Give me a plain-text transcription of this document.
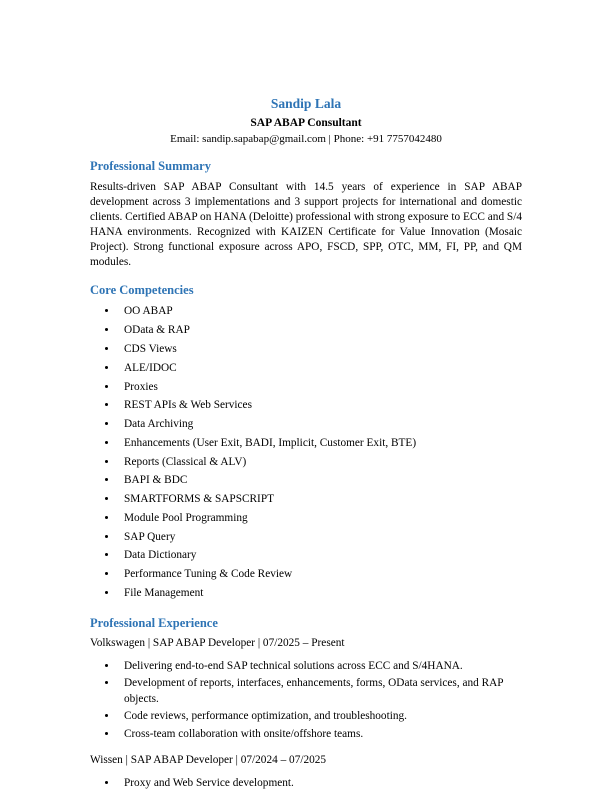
Sandip Lala
SAP ABAP Consultant
Email: sandip.sapabap@gmail.com | Phone: +91 7757042480
Professional Summary
Results-driven SAP ABAP Consultant with 14.5 years of experience in SAP ABAP development across 3 implementations and 3 support projects for international and domestic clients. Certified ABAP on HANA (Deloitte) professional with strong exposure to ECC and S/4 HANA environments. Recognized with KAIZEN Certificate for Value Innovation (Mosaic Project). Strong functional exposure across APO, FSCD, SPP, OTC, MM, FI, PP, and QM modules.
Core Competencies
• OO ABAP
• OData & RAP
• CDS Views
• ALE/IDOC
• Proxies
• REST APIs & Web Services
• Data Archiving
• Enhancements (User Exit, BADI, Implicit, Customer Exit, BTE)
• Reports (Classical & ALV)
• BAPI & BDC
• SMARTFORMS & SAPSCRIPT
• Module Pool Programming
• SAP Query
• Data Dictionary
• Performance Tuning & Code Review
• File Management
Professional Experience
Volkswagen | SAP ABAP Developer | 07/2025 – Present
• Delivering end-to-end SAP technical solutions across ECC and S/4HANA.
• Development of reports, interfaces, enhancements, forms, OData services, and RAP objects.
• Code reviews, performance optimization, and troubleshooting.
• Cross-team collaboration with onsite/offshore teams.
Wissen | SAP ABAP Developer | 07/2024 – 07/2025
• Proxy and Web Service development.
